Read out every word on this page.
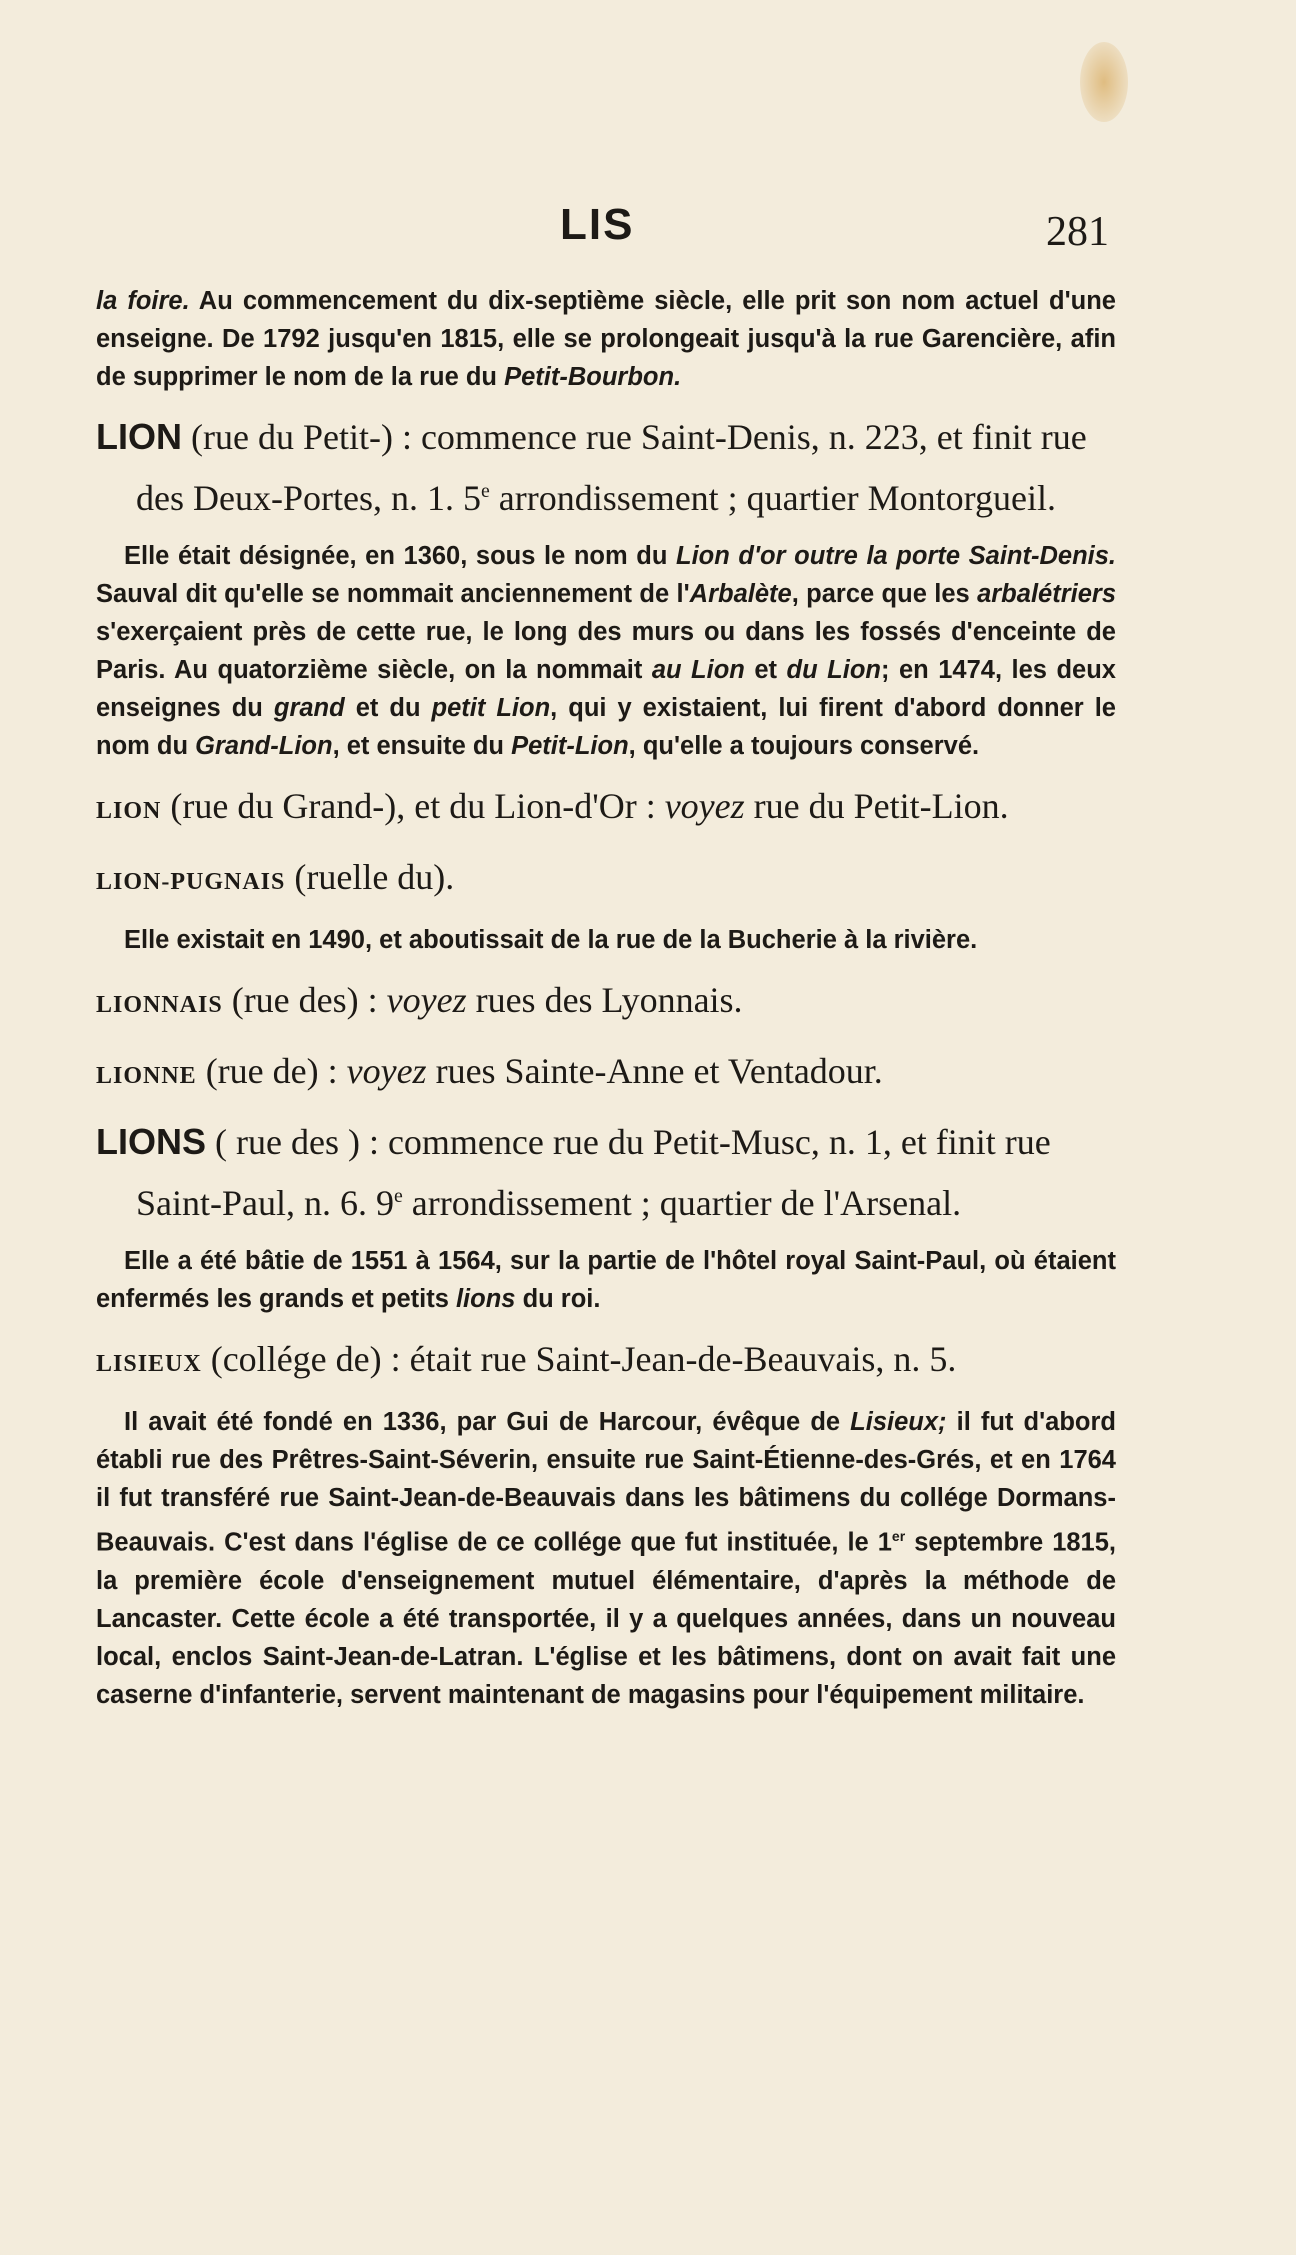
LIS	281

la foire. Au commencement du dix-septième siècle, elle prit son nom actuel d'une enseigne. De 1792 jusqu'en 1815, elle se prolongeait jusqu'à la rue Garencière, afin de supprimer le nom de la rue du Petit-Bourbon.

LION (rue du Petit-) : commence rue Saint-Denis, n. 223, et finit rue des Deux-Portes, n. 1. 5e arrondissement ; quartier Montorgueil.

Elle était désignée, en 1360, sous le nom du Lion d'or outre la porte Saint-Denis. Sauval dit qu'elle se nommait anciennement de l'Arbalète, parce que les arbalétriers s'exerçaient près de cette rue, le long des murs ou dans les fossés d'enceinte de Paris. Au quatorzième siècle, on la nommait au Lion et du Lion; en 1474, les deux enseignes du grand et du petit Lion, qui y existaient, lui firent d'abord donner le nom du Grand-Lion, et ensuite du Petit-Lion, qu'elle a toujours conservé.

LION (rue du Grand-), et du Lion-d'Or : voyez rue du Petit-Lion.

LION-PUGNAIS (ruelle du).

Elle existait en 1490, et aboutissait de la rue de la Bucherie à la rivière.

LIONNAIS (rue des) : voyez rues des Lyonnais.

LIONNE (rue de) : voyez rues Sainte-Anne et Ventadour.

LIONS ( rue des ) : commence rue du Petit-Musc, n. 1, et finit rue Saint-Paul, n. 6. 9e arrondissement ; quartier de l'Arsenal.

Elle a été bâtie de 1551 à 1564, sur la partie de l'hôtel royal Saint-Paul, où étaient enfermés les grands et petits lions du roi.

LISIEUX (collége de) : était rue Saint-Jean-de-Beauvais, n. 5.

Il avait été fondé en 1336, par Gui de Harcour, évêque de Lisieux; il fut d'abord établi rue des Prêtres-Saint-Séverin, ensuite rue Saint-Étienne-des-Grés, et en 1764 il fut transféré rue Saint-Jean-de-Beauvais dans les bâtimens du collége Dormans-Beauvais. C'est dans l'église de ce collége que fut instituée, le 1er septembre 1815, la première école d'enseignement mutuel élémentaire, d'après la méthode de Lancaster. Cette école a été transportée, il y a quelques années, dans un nouveau local, enclos Saint-Jean-de-Latran. L'église et les bâtimens, dont on avait fait une caserne d'infanterie, servent maintenant de magasins pour l'équipement militaire.
